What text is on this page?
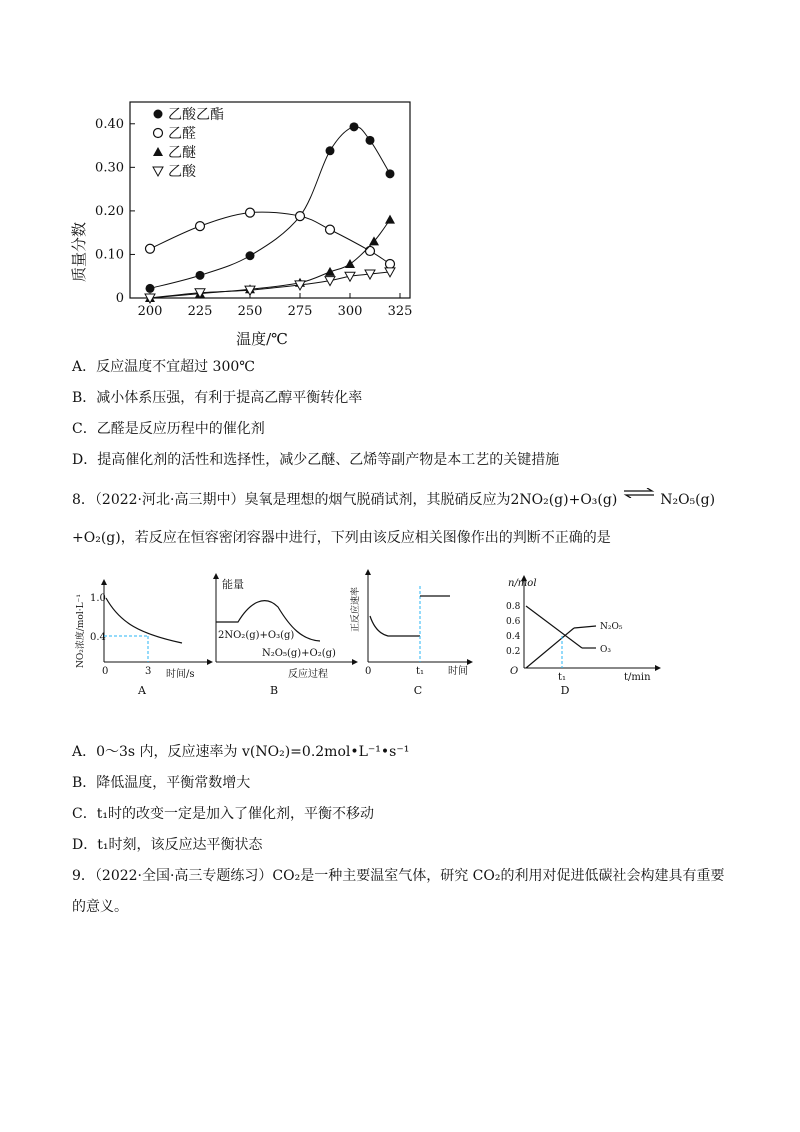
200 225 250 275 300 325
0
0.10
0.20
0.30
0.40
乙酸乙酯
乙醛
乙醚
乙酸
温度/℃
质量分数
A．反应温度不宜超过 300℃
B．减小体系压强，有利于提高乙醇平衡转化率
C．乙醛是反应历程中的催化剂
D．提高催化剂的活性和选择性，减少乙醚、乙烯等副产物是本工艺的关键措施
8．（2022·河北·高三期中）臭氧是理想的烟气脱硝试剂，其脱硝反应为2NO₂(g)+O₃(g) ⇌ N₂O₅(g)
+O₂(g)，若反应在恒容密闭容器中进行，下列由该反应相关图像作出的判断不正确的是
1.0
0.4
0	3 时间/s
NO₂浓度/mol·L⁻¹
A
能量
2NO₂(g)+O₃(g)
N₂O₅(g)+O₂(g)
反应过程
B
正反应速率
0	t₁ 时间
C
n/mol
0.8
0.6
0.4
0.2
N₂O₅
O₃
O
t₁	t/min
D
A．0～3s 内，反应速率为 v(NO₂)=0.2mol•L⁻¹•s⁻¹
B．降低温度，平衡常数增大
C．t₁时的改变一定是加入了催化剂，平衡不移动
D．t₁时刻，该反应达平衡状态
9．（2022·全国·高三专题练习）CO₂是一种主要温室气体，研究 CO₂的利用对促进低碳社会构建具有重要
的意义。
